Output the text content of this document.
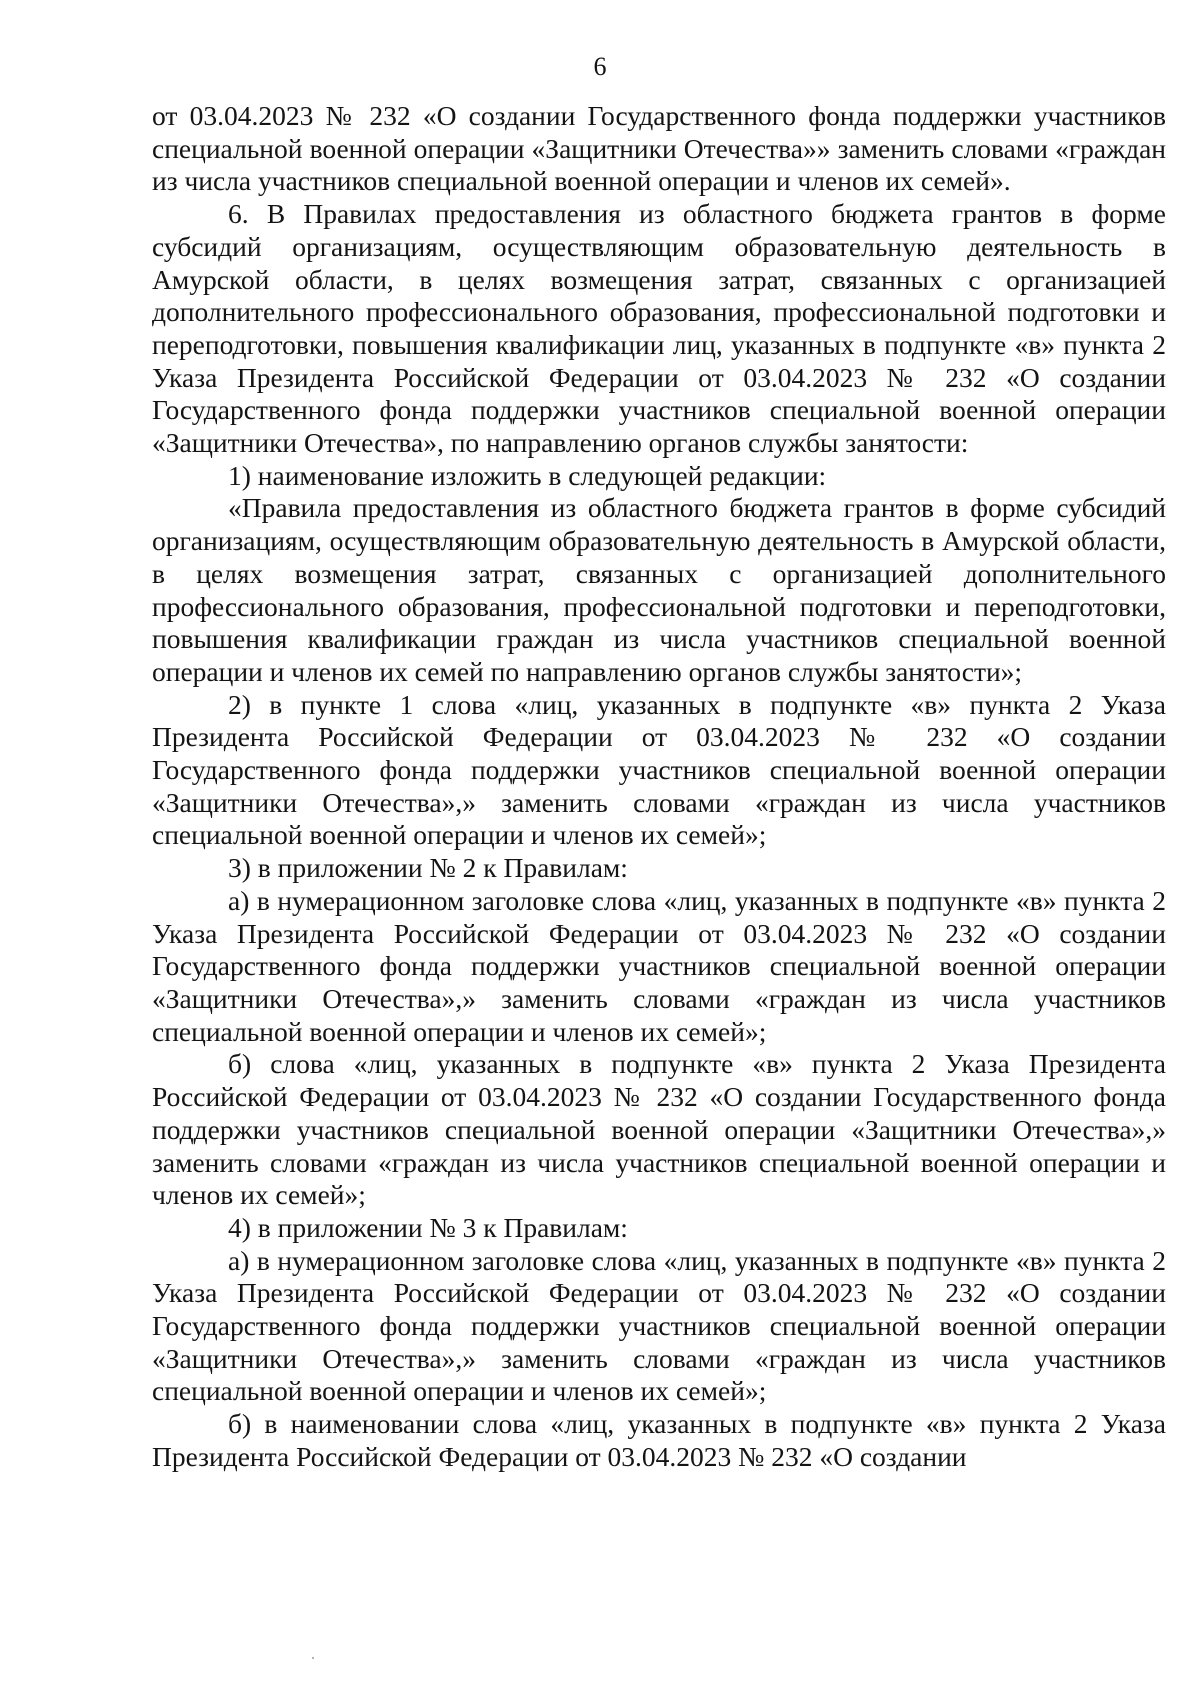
6

от 03.04.2023 № 232 «О создании Государственного фонда поддержки участников специальной военной операции «Защитники Отечества»» заменить словами «граждан из числа участников специальной военной операции и членов их семей».

6. В Правилах предоставления из областного бюджета грантов в форме субсидий организациям, осуществляющим образовательную деятельность в Амурской области, в целях возмещения затрат, связанных с организацией дополнительного профессионального образования, профессиональной подготовки и переподготовки, повышения квалификации лиц, указанных в подпункте «в» пункта 2 Указа Президента Российской Федерации от 03.04.2023 № 232 «О создании Государственного фонда поддержки участников специальной военной операции «Защитники Отечества», по направлению органов службы занятости:

1) наименование изложить в следующей редакции:

«Правила предоставления из областного бюджета грантов в форме субсидий организациям, осуществляющим образовательную деятельность в Амурской области, в целях возмещения затрат, связанных с организацией дополнительного профессионального образования, профессиональной подготовки и переподготовки, повышения квалификации граждан из числа участников специальной военной операции и членов их семей по направлению органов службы занятости»;

2) в пункте 1 слова «лиц, указанных в подпункте «в» пункта 2 Указа Президента Российской Федерации от 03.04.2023 № 232 «О создании Государственного фонда поддержки участников специальной военной операции «Защитники Отечества»,» заменить словами «граждан из числа участников специальной военной операции и членов их семей»;

3) в приложении № 2 к Правилам:

а) в нумерационном заголовке слова «лиц, указанных в подпункте «в» пункта 2 Указа Президента Российской Федерации от 03.04.2023 № 232 «О создании Государственного фонда поддержки участников специальной военной операции «Защитники Отечества»,» заменить словами «граждан из числа участников специальной военной операции и членов их семей»;

б) слова «лиц, указанных в подпункте «в» пункта 2 Указа Президента Российской Федерации от 03.04.2023 № 232 «О создании Государственного фонда поддержки участников специальной военной операции «Защитники Отечества»,» заменить словами «граждан из числа участников специальной военной операции и членов их семей»;

4) в приложении № 3 к Правилам:

а) в нумерационном заголовке слова «лиц, указанных в подпункте «в» пункта 2 Указа Президента Российской Федерации от 03.04.2023 № 232 «О создании Государственного фонда поддержки участников специальной военной операции «Защитники Отечества»,» заменить словами «граждан из числа участников специальной военной операции и членов их семей»;

б) в наименовании слова «лиц, указанных в подпункте «в» пункта 2 Указа Президента Российской Федерации от 03.04.2023 № 232 «О создании
